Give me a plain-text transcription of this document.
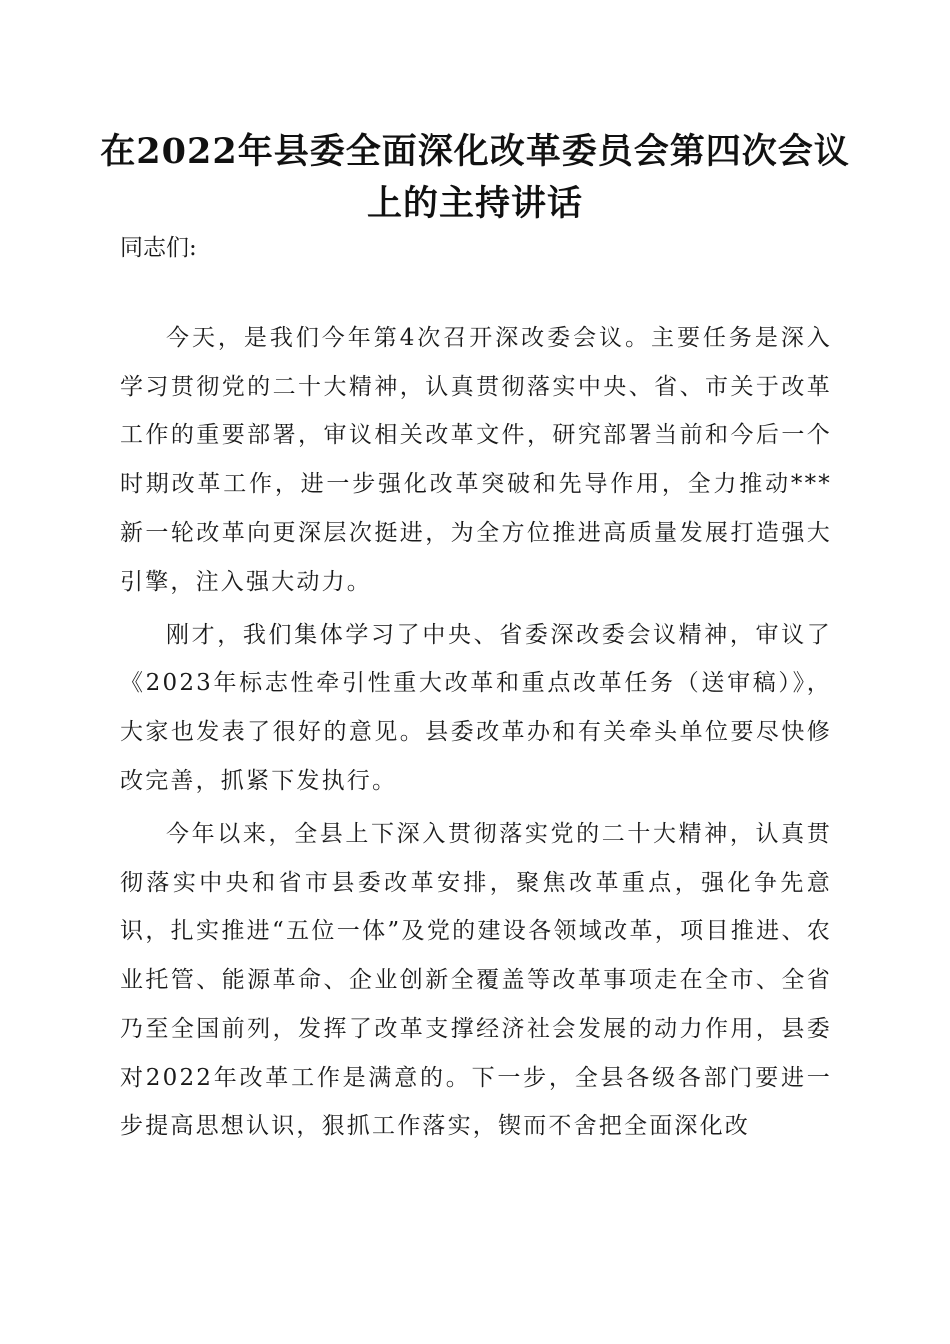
在2022年县委全面深化改革委员会第四次会议上的主持讲话

同志们:

今天，是我们今年第4次召开深改委会议。主要任务是深入学习贯彻党的二十大精神，认真贯彻落实中央、省、市关于改革工作的重要部署，审议相关改革文件，研究部署当前和今后一个时期改革工作，进一步强化改革突破和先导作用，全力推动***新一轮改革向更深层次挺进，为全方位推进高质量发展打造强大引擎，注入强大动力。

刚才，我们集体学习了中央、省委深改委会议精神，审议了《2023年标志性牵引性重大改革和重点改革任务（送审稿）》，大家也发表了很好的意见。县委改革办和有关牵头单位要尽快修改完善，抓紧下发执行。

今年以来，全县上下深入贯彻落实党的二十大精神，认真贯彻落实中央和省市县委改革安排，聚焦改革重点，强化争先意识，扎实推进“五位一体”及党的建设各领域改革，项目推进、农业托管、能源革命、企业创新全覆盖等改革事项走在全市、全省乃至全国前列，发挥了改革支撑经济社会发展的动力作用，县委对2022年改革工作是满意的。下一步，全县各级各部门要进一步提高思想认识，狠抓工作落实，锲而不舍把全面深化改
